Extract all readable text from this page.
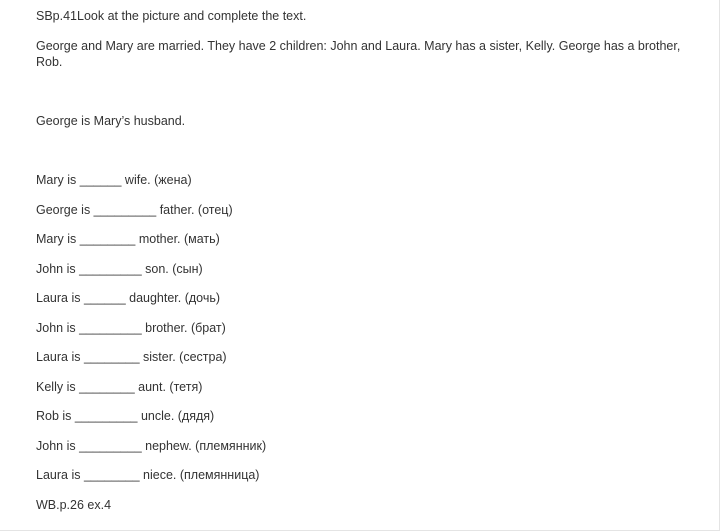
SBp.41Look at the picture and complete the text.
George and Mary are married. They have 2 children: John and Laura. Mary has a sister, Kelly. George has a brother, Rob.
George is Mary’s husband.
Mary is ______ wife. (жена)
George is _________ father. (отец)
Mary is ________ mother. (мать)
John is _________ son. (сын)
Laura is ______ daughter. (дочь)
John is _________ brother. (брат)
Laura is ________ sister. (сестра)
Kelly is ________ aunt. (тетя)
Rob is _________ uncle. (дядя)
John is _________ nephew. (племянник)
Laura is ________ niece. (племянница)
WB.p.26 ex.4
